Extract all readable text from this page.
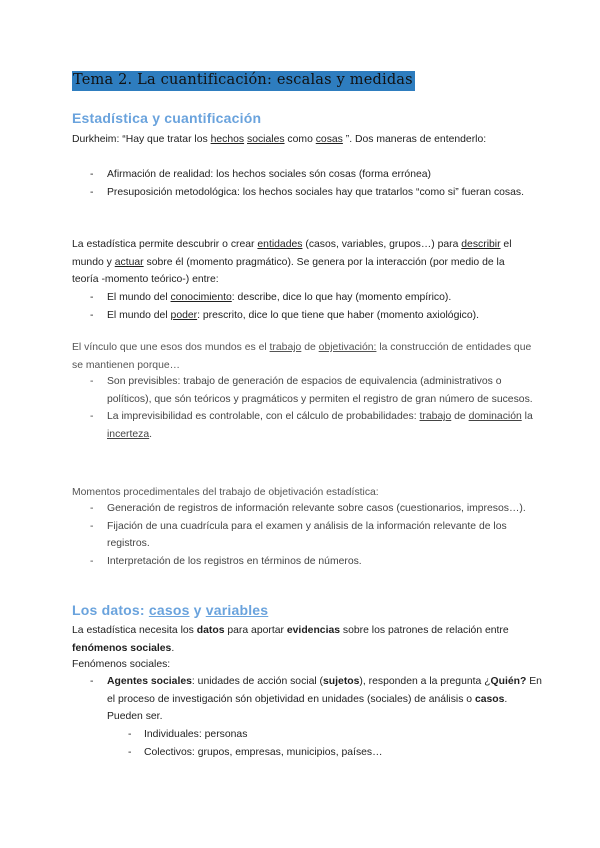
Tema 2. La cuantificación: escalas y medidas
Estadística y cuantificación
Durkheim: “Hay que tratar los hechos sociales como cosas ”. Dos maneras de entenderlo:
- Afirmación de realidad: los hechos sociales són cosas (forma errónea)
- Presuposición metodológica: los hechos sociales hay que tratarlos “como si” fueran cosas.
La estadística permite descubrir o crear entidades (casos, variables, grupos…) para describir el mundo y actuar sobre él (momento pragmático). Se genera por la interacción (por medio de la teoría -momento teórico-) entre:
- El mundo del conocimiento: describe, dice lo que hay (momento empírico).
- El mundo del poder: prescrito, dice lo que tiene que haber (momento axiológico).
El vínculo que une esos dos mundos es el trabajo de objetivación: la construcción de entidades que se mantienen porque…
- Son previsibles: trabajo de generación de espacios de equivalencia (administrativos o políticos), que són teóricos y pragmáticos y permiten el registro de gran número de sucesos.
- La imprevisibilidad es controlable, con el cálculo de probabilidades: trabajo de dominación la incerteza.
Momentos procedimentales del trabajo de objetivación estadística:
- Generación de registros de información relevante sobre casos (cuestionarios, impresos…).
- Fijación de una cuadrícula para el examen y análisis de la información relevante de los registros.
- Interpretación de los registros en términos de números.
Los datos: casos y variables
La estadística necesita los datos para aportar evidencias sobre los patrones de relación entre fenómenos sociales.
Fenómenos sociales:
- Agentes sociales: unidades de acción social (sujetos), responden a la pregunta ¿Quién? En el proceso de investigación són objetividad en unidades (sociales) de análisis o casos. Pueden ser.
- Individuales: personas
- Colectivos: grupos, empresas, municipios, países…
